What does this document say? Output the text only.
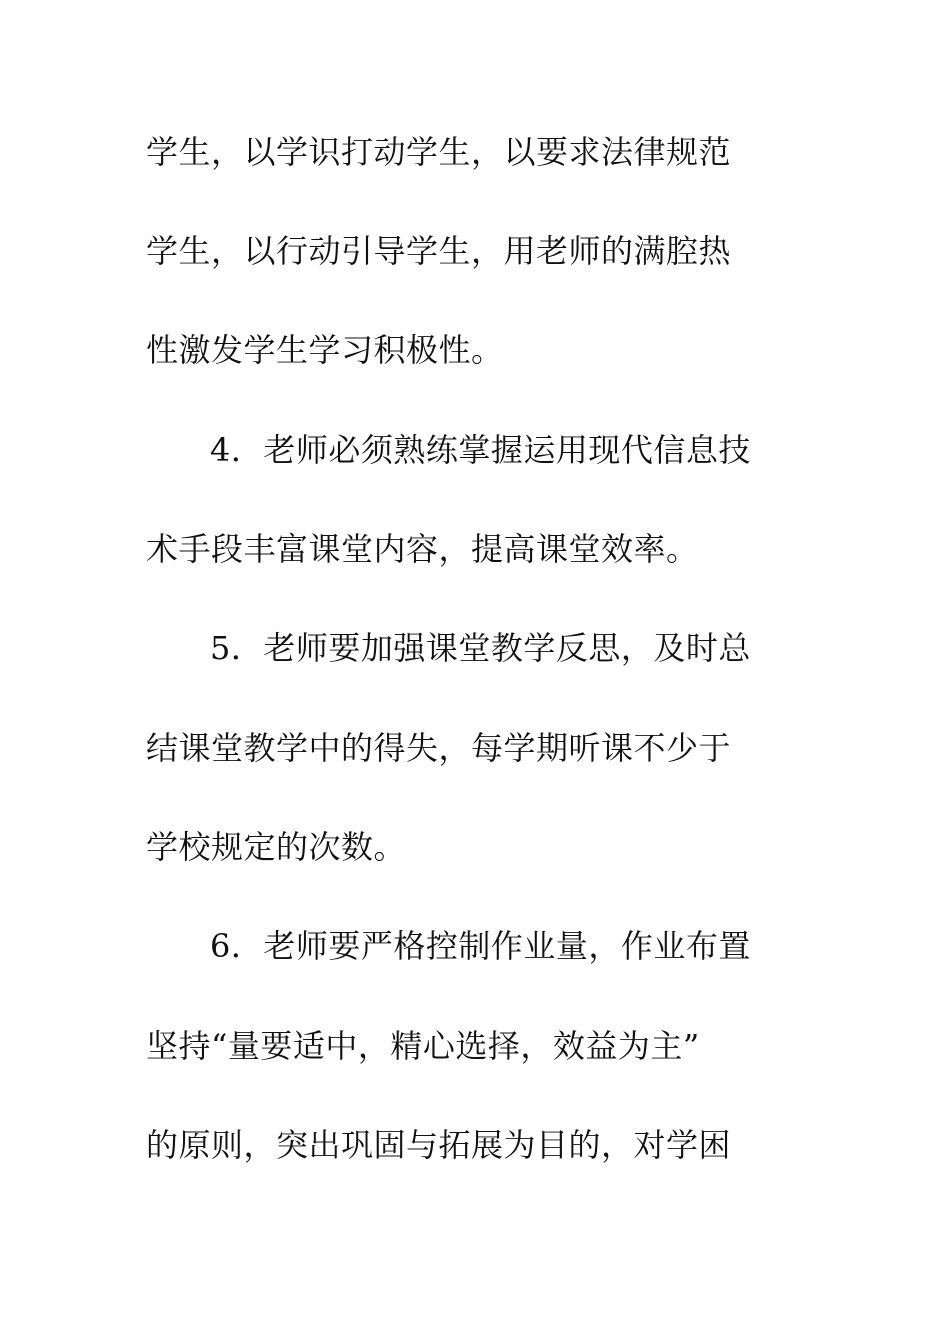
学生，以学识打动学生，以要求法律规范
学生，以行动引导学生，用老师的满腔热
性激发学生学习积极性。
4．老师必须熟练掌握运用现代信息技
术手段丰富课堂内容，提高课堂效率。
5．老师要加强课堂教学反思，及时总
结课堂教学中的得失，每学期听课不少于
学校规定的次数。
6．老师要严格控制作业量，作业布置
坚持“量要适中，精心选择，效益为主”
的原则，突出巩固与拓展为目的，对学困
